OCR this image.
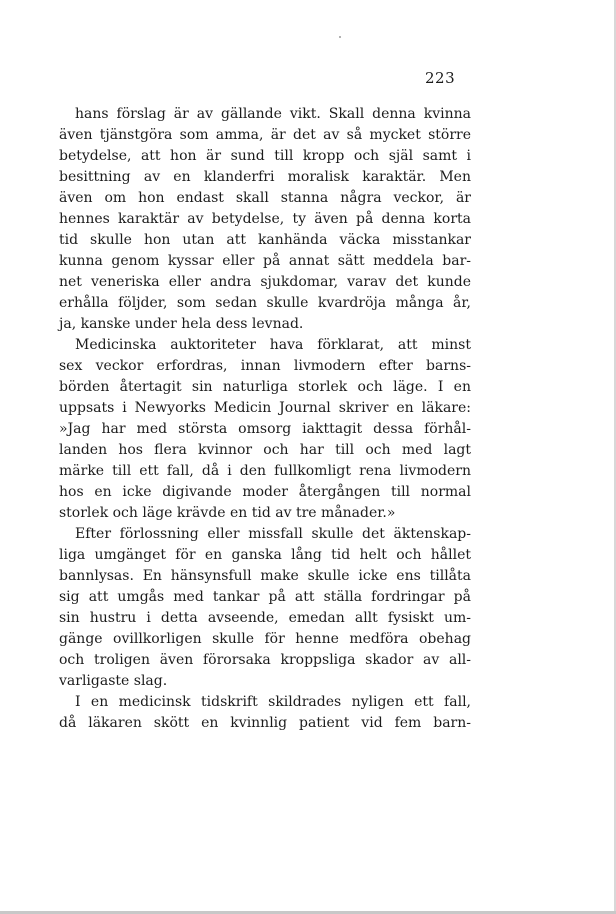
223
hans förslag är av gällande vikt. Skall denna kvinna
även tjänstgöra som amma, är det av så mycket större
betydelse, att hon är sund till kropp och själ samt i
besittning av en klanderfri moralisk karaktär. Men
även om hon endast skall stanna några veckor, är
hennes karaktär av betydelse, ty även på denna korta
tid skulle hon utan att kanhända väcka misstankar
kunna genom kyssar eller på annat sätt meddela bar-
net veneriska eller andra sjukdomar, varav det kunde
erhålla följder, som sedan skulle kvardröja många år,
ja, kanske under hela dess levnad.
Medicinska auktoriteter hava förklarat, att minst
sex veckor erfordras, innan livmodern efter barns-
börden återtagit sin naturliga storlek och läge. I en
uppsats i Newyorks Medicin Journal skriver en läkare:
»Jag har med största omsorg iakttagit dessa förhål-
landen hos flera kvinnor och har till och med lagt
märke till ett fall, då i den fullkomligt rena livmodern
hos en icke digivande moder återgången till normal
storlek och läge krävde en tid av tre månader.»
Efter förlossning eller missfall skulle det äktenskap-
liga umgänget för en ganska lång tid helt och hållet
bannlysas. En hänsynsfull make skulle icke ens tillåta
sig att umgås med tankar på att ställa fordringar på
sin hustru i detta avseende, emedan allt fysiskt um-
gänge ovillkorligen skulle för henne medföra obehag
och troligen även förorsaka kroppsliga skador av all-
varligaste slag.
I en medicinsk tidskrift skildrades nyligen ett fall,
då läkaren skött en kvinnlig patient vid fem barn-
